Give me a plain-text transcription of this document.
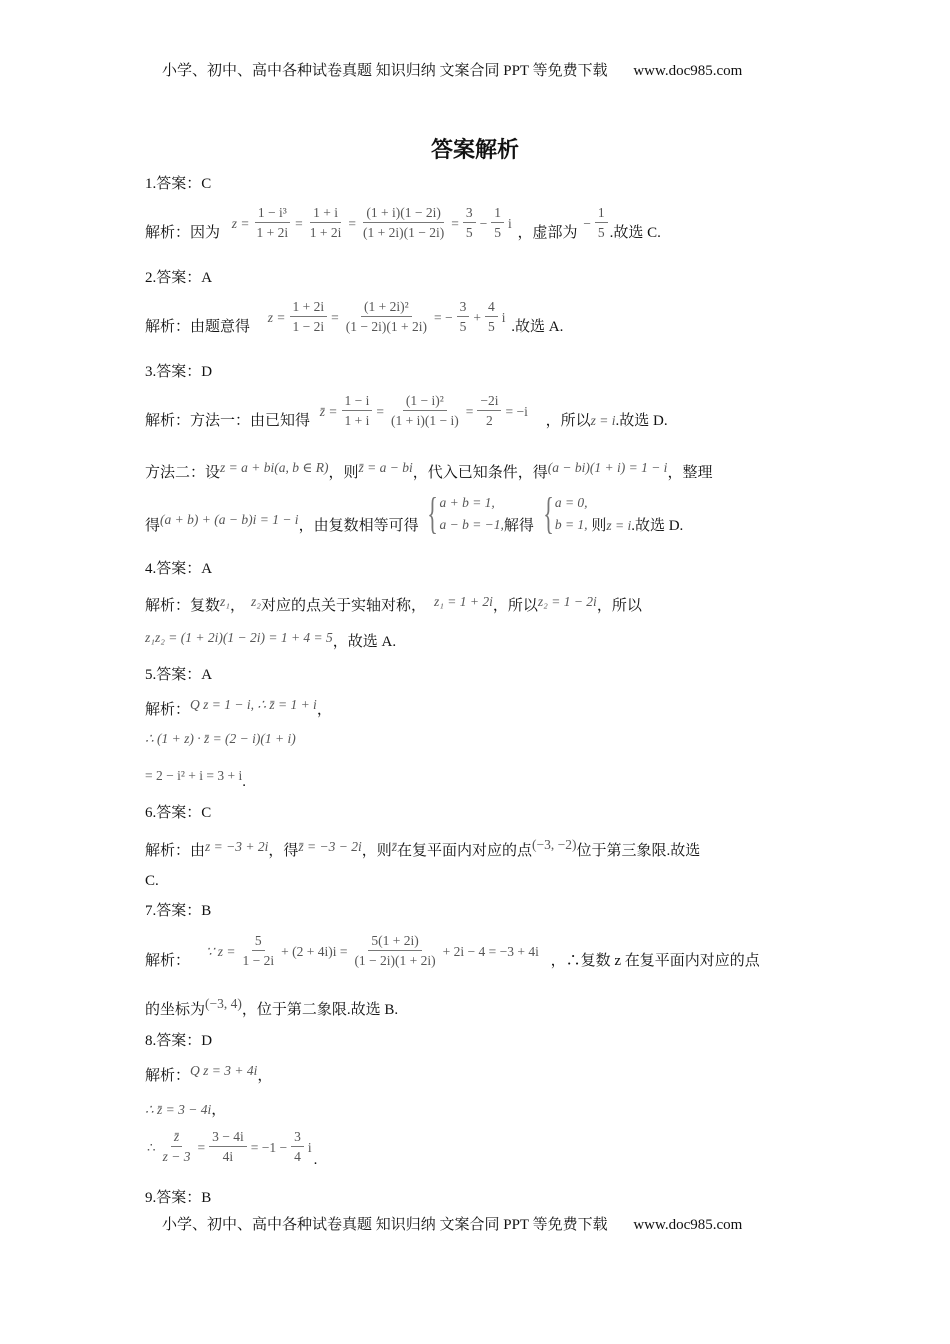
小学、初中、高中各种试卷真题 知识归纳 文案合同 PPT 等免费下载 www.doc985.com
答案解析
1.答案：C
解析：因为
$z = \frac{\text{1 − i³}}{1 + 2i} = \frac{1 + i}{1 + 2i} = \frac{(1 + i)(1 - 2i)}{(1 + 2i)(1 - 2i)} = \frac{3}{5} - \frac{1}{5}$ i
，虚部为
− $\frac{1}{5}$ .故选 C.
2.答案：A
解析：由题意得
$z = \frac{1 + 2i}{1 - 2i} = \frac{\text{(1 + 2i)²}}{(1 - 2i)(1 + 2i)}$ = − $\frac{3}{5} + \frac{4}{5}$ i
.故选 A.
3.答案：D
解析：方法一：由已知得
z̄ = $\frac{1 - i}{1 + i} = \frac{\text{(1 − i)²}}{(1 + i)(1 - i)} = \frac{-2i}{2} = -i$
，所以z = i.故选 D.
方法二：设z = a + bi(a, b ∈ R)，则z̄ = a − bi，代入已知条件，得(a − bi)(1 + i) = 1 − i，整理
得(a + b) + (a − b)i = 1 − i，由复数相等可得 { a + b = 1,
a − b = −1, 解得 { a = 0,
b = 1, 则z = i.故选 D.
4.答案：A
解析：复数z₁， z₂对应的点关于实轴对称， z₁ = 1 + 2i，所以z₂ = 1 − 2i，所以
z₁z₂ = (1 + 2i)(1 − 2i) = 1 + 4 = 5，故选 A.
5.答案：A
解析：Q z = 1 − i, ∴ z̄ = 1 + i，
∴ (1 + z) · z̄ = (2 − i)(1 + i)
= 2 − i² + i = 3 + i.
6.答案：C
解析：由z = −3 + 2i，得z̄ = −3 − 2i，则z̄在复平面内对应的点(−3, −2)位于第三象限.故选
C.
7.答案：B
解析：
∵ $z = \frac{5}{1 - 2i} + (2 + 4i)i = \frac{5(1 + 2i)}{(1 - 2i)(1 + 2i)} + 2i - 4 = -3 + 4i$
，∴复数 z 在复平面内对应的点
的坐标为(−3, 4)，位于第二象限.故选 B.
8.答案：D
解析：Q z = 3 + 4i，
∴ z̄ = 3 − 4i，
∴ $\frac{z̄}{z - 3} = \frac{3 - 4i}{4i} = -1 - \frac{3}{4}$ i
.
9.答案：B
小学、初中、高中各种试卷真题 知识归纳 文案合同 PPT 等免费下载 www.doc985.com
